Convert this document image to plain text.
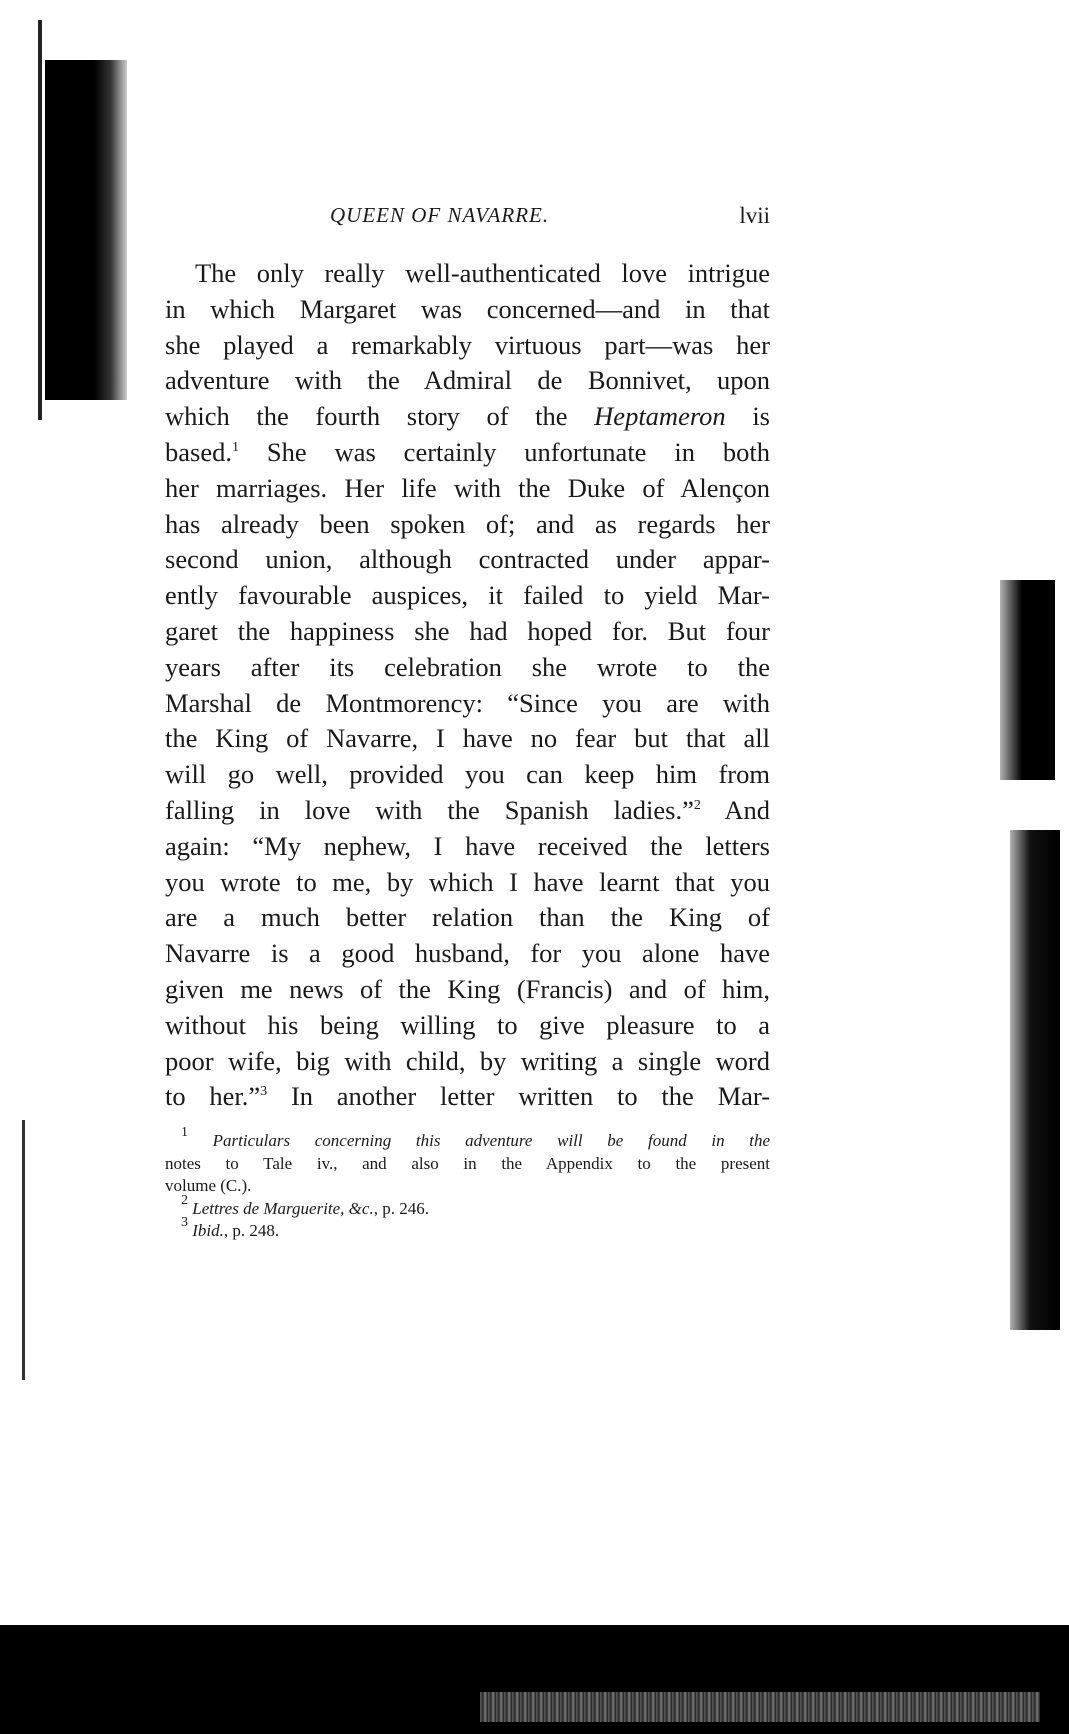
QUEEN OF NAVARRE.	lvii
The only really well-authenticated love intrigue
in which Margaret was concerned—and in that
she played a remarkably virtuous part—was her
adventure with the Admiral de Bonnivet, upon
which the fourth story of the Heptameron is
based.$^1$ She was certainly unfortunate in both
her marriages. Her life with the Duke of Alençon
has already been spoken of; and as regards her
second union, although contracted under appar-
ently favourable auspices, it failed to yield Mar-
garet the happiness she had hoped for. But four
years after its celebration she wrote to the
Marshal de Montmorency: “Since you are with
the King of Navarre, I have no fear but that all
will go well, provided you can keep him from
falling in love with the Spanish ladies.”$^2$ And
again: “My nephew, I have received the letters
you wrote to me, by which I have learnt that you
are a much better relation than the King of
Navarre is a good husband, for you alone have
given me news of the King (Francis) and of him,
without his being willing to give pleasure to a
poor wife, big with child, by writing a single word
to her.”$^3$ In another letter written to the Mar-
$^1$ Particulars concerning this adventure will be found in the
notes to Tale iv., and also in the Appendix to the present
volume (C.).
$^2$ Lettres de Marguerite, &c., p. 246.
$^3$ Ibid., p. 248.
